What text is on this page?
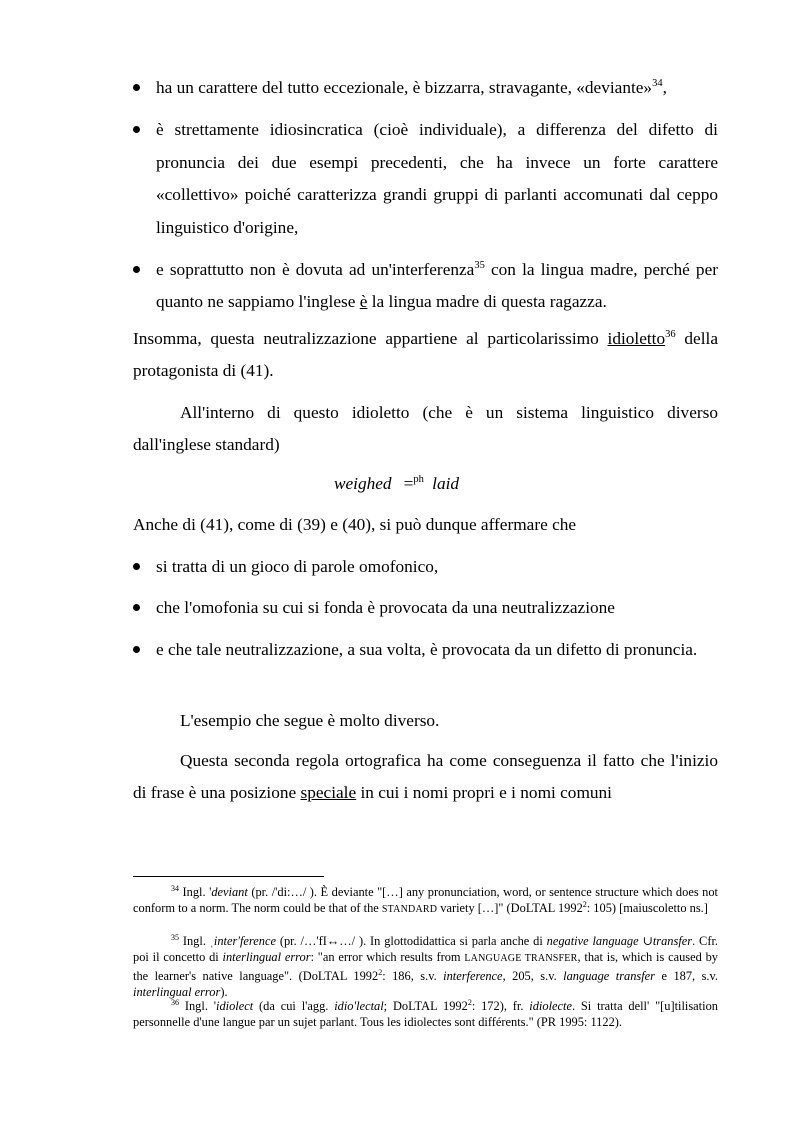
ha un carattere del tutto eccezionale, è bizzarra, stravagante, «deviante»$^{34}$,
è strettamente idiosincratica (cioè individuale), a differenza del difetto di pronuncia dei due esempi precedenti, che ha invece un forte carattere «collettivo» poiché caratterizza grandi gruppi di parlanti accomunati dal ceppo linguistico d'origine,
e soprattutto non è dovuta ad un'interferenza$^{35}$ con la lingua madre, perché per quanto ne sappiamo l'inglese è la lingua madre di questa ragazza.
Insomma, questa neutralizzazione appartiene al particolarissimo idioletto$^{36}$ della protagonista di (41).
All'interno di questo idioletto (che è un sistema linguistico diverso dall'inglese standard)
weighed =$^{ph}$ laid
Anche di (41), come di (39) e (40), si può dunque affermare che
si tratta di un gioco di parole omofonico,
che l'omofonia su cui si fonda è provocata da una neutralizzazione
e che tale neutralizzazione, a sua volta, è provocata da un difetto di pronuncia.
L'esempio che segue è molto diverso.
Questa seconda regola ortografica ha come conseguenza il fatto che l'inizio di frase è una posizione speciale in cui i nomi propri e i nomi comuni
$^{34}$ Ingl. 'deviant (pr. /'di:…/ ). È deviante "[…] any pronunciation, word, or sentence structure which does not conform to a norm. The norm could be that of the STANDARD variety […]" (DoLTAL 1992$^2$: 105) [maiuscoletto ns.]
$^{35}$ Ingl. ˌinter'ference (pr. /…'fI↔…/ ). In glottodidattica si parla anche di negative language ∪transfer. Cfr. poi il concetto di interlingual error: "an error which results from LANGUAGE TRANSFER, that is, which is caused by the learner's native language". (DoLTAL 1992$^2$: 186, s.v. interference, 205, s.v. language transfer e 187, s.v. interlingual error).
$^{36}$ Ingl. 'idiolect (da cui l'agg. idio'lectal; DoLTAL 1992$^2$: 172), fr. idiolecte. Si tratta dell' "[u]tilisation personnelle d'une langue par un sujet parlant. Tous les idiolectes sont différents." (PR 1995: 1122).
